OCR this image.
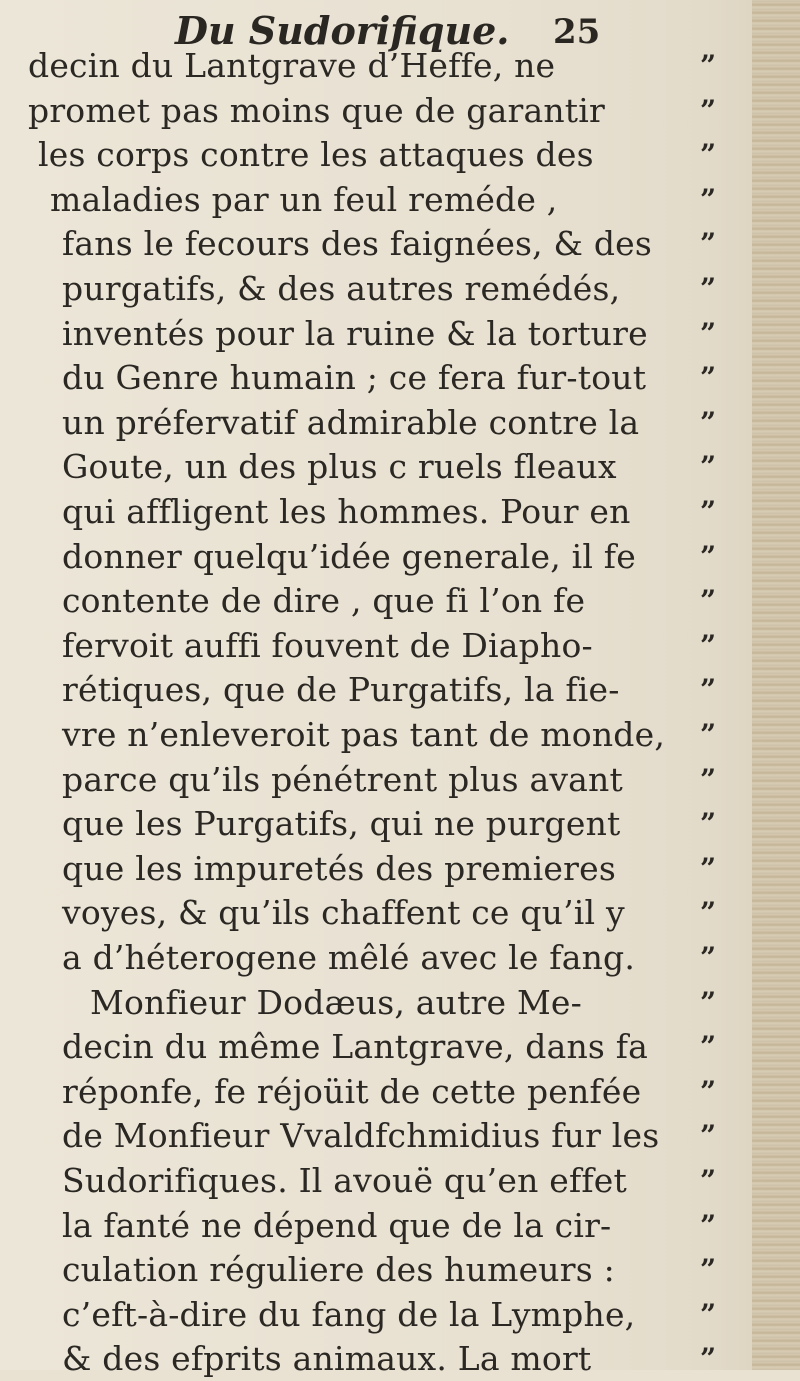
Du Sudorifique. 25
decin du Lantgrave d’Heffe, ne	”
promet pas moins que de garantir	”
les corps contre les attaques des	”
maladies par un feul reméde ,	”
fans le fecours des faignées, & des ”
purgatifs, & des autres remédés,	”
inventés pour la ruine & la torture ”
du Genre humain ; ce fera fur-tout ”
un préfervatif admirable contre la ”
Goute, un des plus c ruels fleaux	”
qui affligent les hommes. Pour en ”
donner quelqu’idée generale, il fe ”
contente de dire , que fi l’on fe	”
fervoit auffi fouvent de Diapho-	”
rétiques, que de Purgatifs, la fie-	”
vre n’enleveroit pas tant de monde, ”
parce qu’ils pénétrent plus avant	”
que les Purgatifs, qui ne purgent	”
que les impuretés des premieres	”
voyes, & qu’ils chaffent ce qu’il y	”
a d’héterogene mêlé avec le fang. ”
Monfieur Dodæus, autre Me-	”
decin du même Lantgrave, dans fa ”
réponfe, fe réjoüit de cette penfée ”
de Monfieur Vvaldfchmidius fur les ”
Sudorifiques. Il avouë qu’en effet	”
la fanté ne dépend que de la cir-	”
culation réguliere des humeurs :	”
c’eft-à-dire du fang de la Lymphe, ”
& des efprits animaux. La mort	”
